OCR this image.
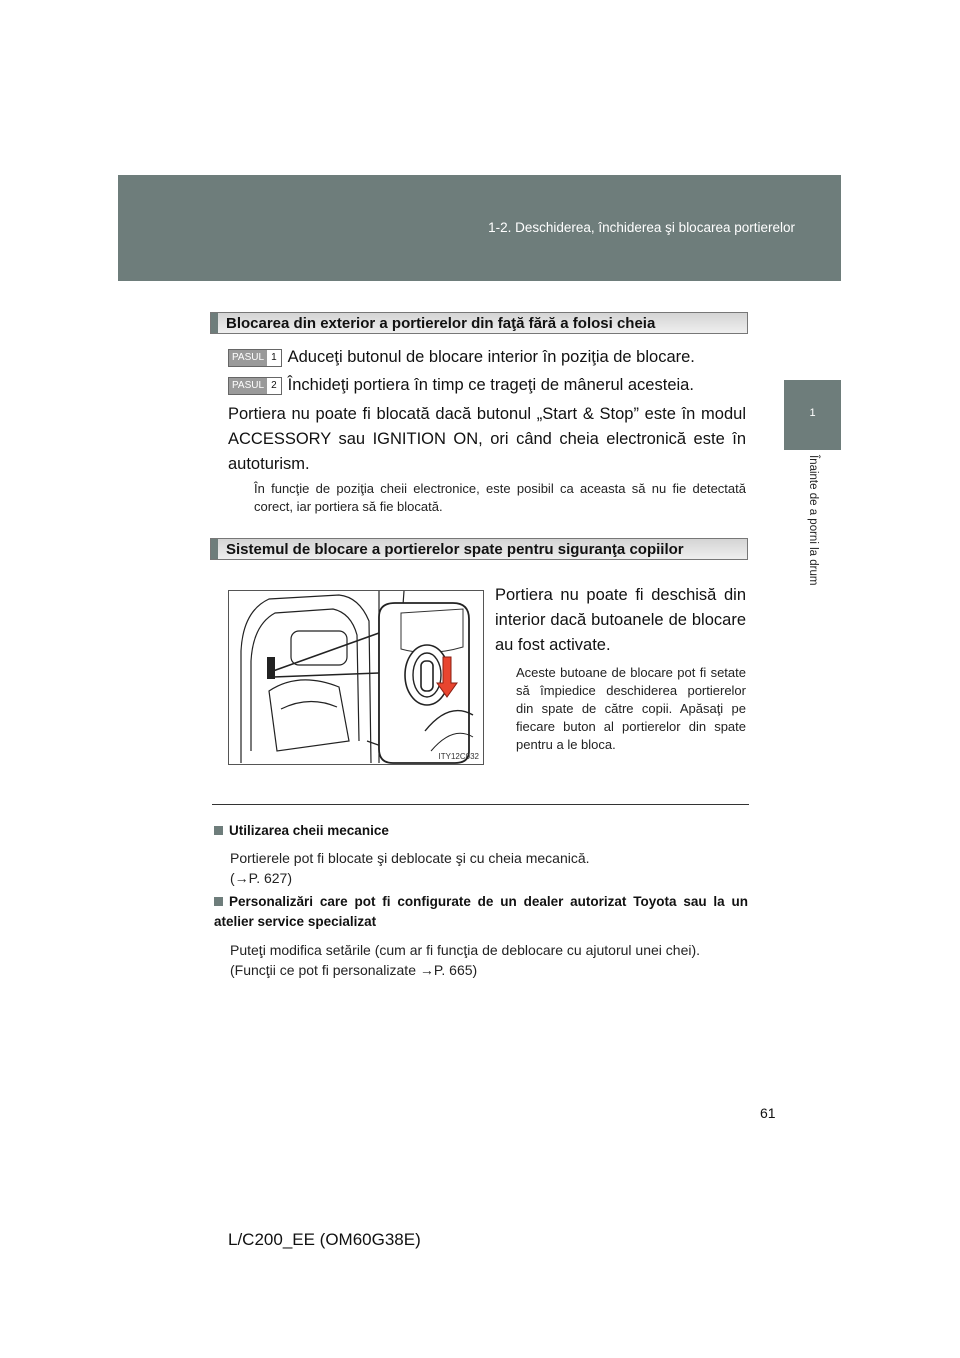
1-2. Deschiderea, închiderea şi blocarea portierelor
1
Înainte de a porni la drum
Blocarea din exterior a portierelor din faţă fără a folosi cheia
PASUL 1 Aduceţi butonul de blocare interior în poziţia de blocare.
PASUL 2 Închideţi portiera în timp ce trageţi de mânerul acesteia.
Portiera nu poate fi blocată dacă butonul „Start & Stop” este în modul ACCESSORY sau IGNITION ON, ori când cheia electronică este în autoturism.
În funcţie de poziţia cheii electronice, este posibil ca aceasta să nu fie detectată corect, iar portiera să fie blocată.
Sistemul de blocare a portierelor spate pentru siguranţa copiilor
ITY12C032
Portiera nu poate fi deschisă din interior dacă butoanele de blocare au fost activate.
Aceste butoane de blocare pot fi setate să împiedice deschiderea portierelor din spate de către copii. Apăsaţi pe fiecare buton al portierelor din spate pentru a le bloca.
Utilizarea cheii mecanice
Portierele pot fi blocate şi deblocate şi cu cheia mecanică.
(→P. 627)
Personalizări care pot fi configurate de un dealer autorizat Toyota sau la un atelier service specializat
Puteţi modifica setările (cum ar fi funcţia de deblocare cu ajutorul unei chei).
(Funcţii ce pot fi personalizate →P. 665)
61
L/C200_EE (OM60G38E)
